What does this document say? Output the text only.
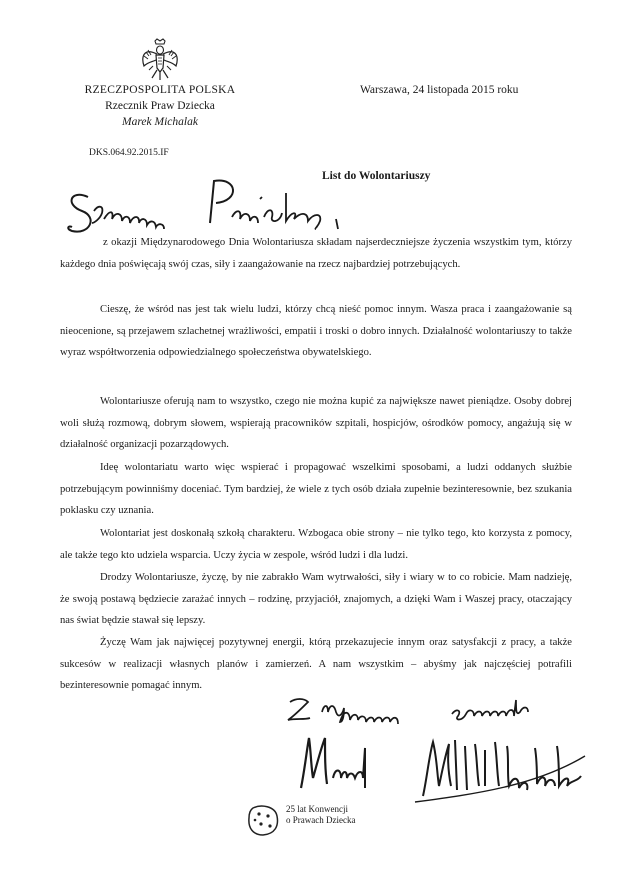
RZECZPOSPOLITA POLSKA
Rzecznik Praw Dziecka
Marek Michalak
DKS.064.92.2015.IF
Warszawa, 24 listopada 2015 roku
List do Wolontariuszy
z okazji Międzynarodowego Dnia Wolontariusza składam najserdeczniejsze życzenia wszystkim tym, którzy każdego dnia poświęcają swój czas, siły i zaangażowanie na rzecz najbardziej potrzebujących.
Cieszę, że wśród nas jest tak wielu ludzi, którzy chcą nieść pomoc innym. Wasza praca i zaangażowanie są nieocenione, są przejawem szlachetnej wrażliwości, empatii i troski o dobro innych. Działalność wolontariuszy to także wyraz współtworzenia odpowiedzialnego społeczeństwa obywatelskiego.
Wolontariusze oferują nam to wszystko, czego nie można kupić za największe nawet pieniądze. Osoby dobrej woli służą rozmową, dobrym słowem, wspierają pracowników szpitali, hospicjów, ośrodków pomocy, angażują się w działalność organizacji pozarządowych.
Ideę wolontariatu warto więc wspierać i propagować wszelkimi sposobami, a ludzi oddanych służbie potrzebującym powinniśmy doceniać. Tym bardziej, że wiele z tych osób działa zupełnie bezinteresownie, bez szukania poklasku czy uznania.
Wolontariat jest doskonałą szkołą charakteru. Wzbogaca obie strony – nie tylko tego, kto korzysta z pomocy, ale także tego kto udziela wsparcia. Uczy życia w zespole, wśród ludzi i dla ludzi.
Drodzy Wolontariusze, życzę, by nie zabrakło Wam wytrwałości, siły i wiary w to co robicie. Mam nadzieję, że swoją postawą będziecie zarażać innych – rodzinę, przyjaciół, znajomych, a dzięki Wam i Waszej pracy, otaczający nas świat będzie stawał się lepszy.
Życzę Wam jak najwięcej pozytywnej energii, którą przekazujecie innym oraz satysfakcji z pracy, a także sukcesów w realizacji własnych planów i zamierzeń. A nam wszystkim – abyśmy jak najczęściej potrafili bezinteresownie pomagać innym.
25 lat Konwencji
o Prawach Dziecka
